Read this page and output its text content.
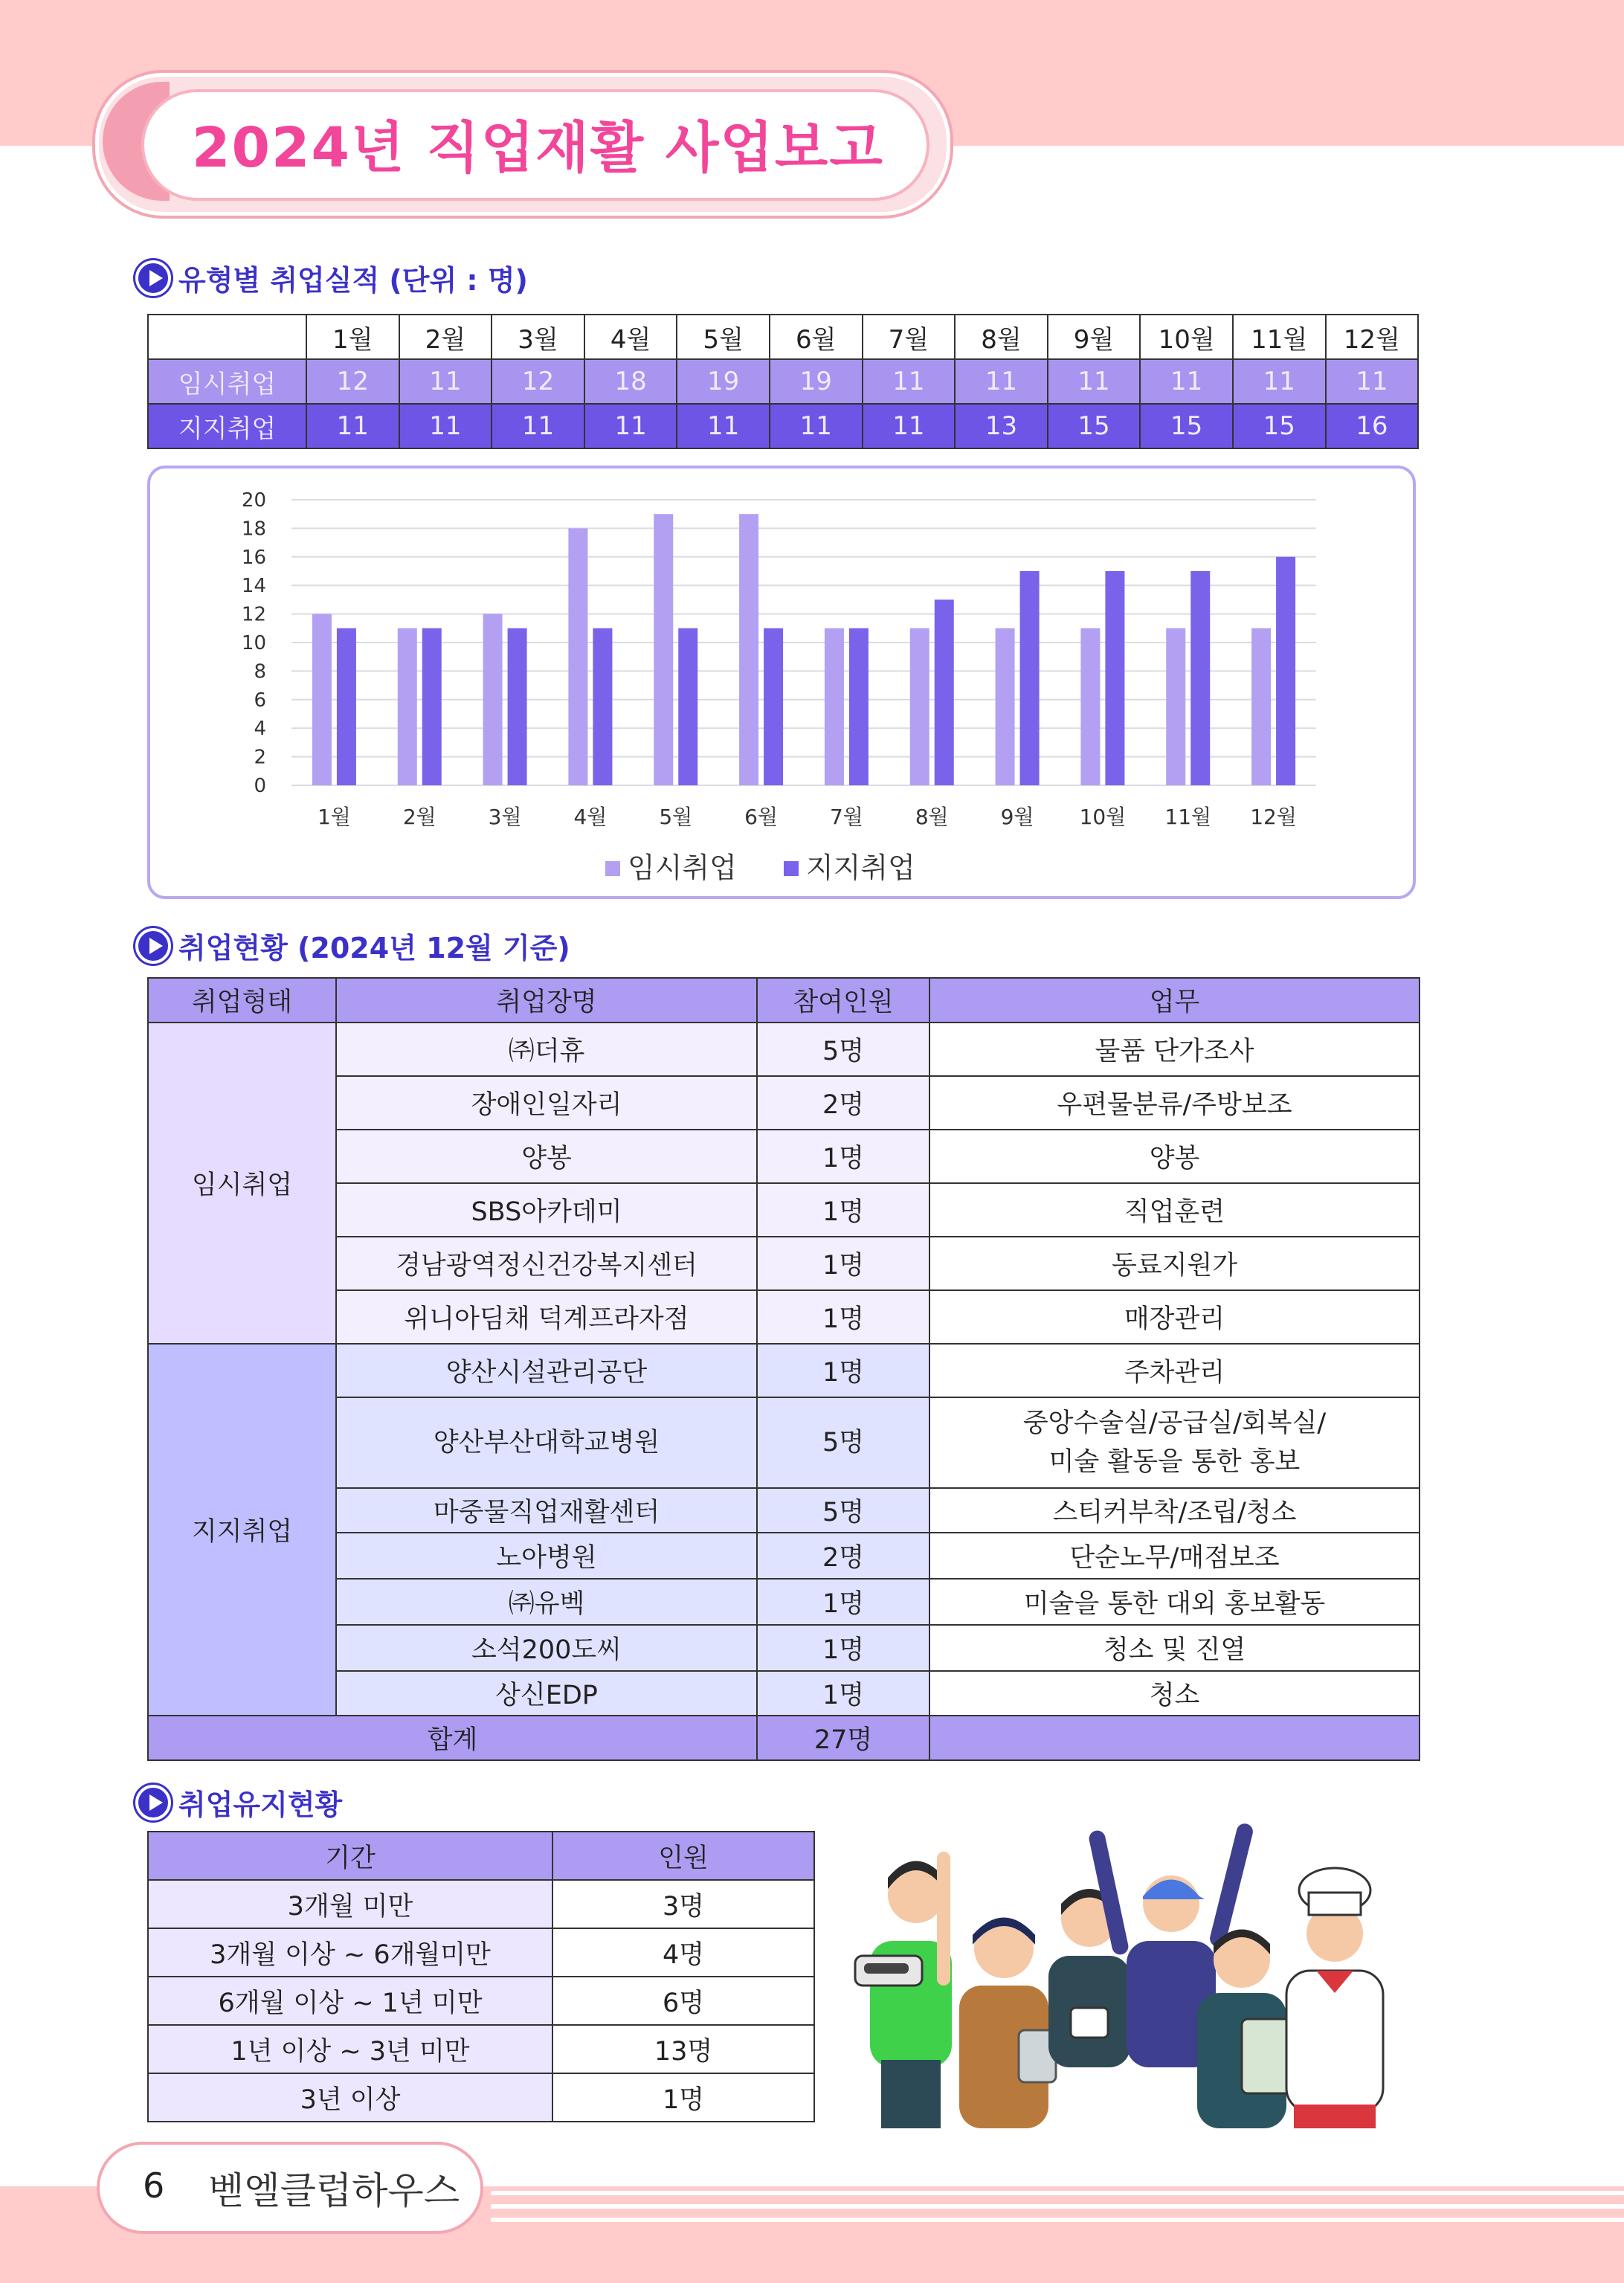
2024년 직업재활 사업보고
유형별 취업실적 (단위 : 명)
	1월	2월	3월	4월	5월	6월	7월	8월	9월	10월	11월	12월
임시취업	12	11	12	18	19	19	11	11	11	11	11	11
지지취업	11	11	11	11	11	11	11	13	15	15	15	16
0
2
4
6
8
10
12
14
16
18
20
1월 2월 3월 4월 5월 6월 7월 8월 9월 10월 11월 12월
임시취업 지지취업
취업현황 (2024년 12월 기준)
취업형태	취업장명	참여인원	업무
임시취업	㈜더휴	5명	물품 단가조사
	장애인일자리	2명	우편물분류/주방보조
	양봉	1명	양봉
	SBS아카데미	1명	직업훈련
	경남광역정신건강복지센터	1명	동료지원가
	위니아딤채 덕계프라자점	1명	매장관리
지지취업	양산시설관리공단	1명	주차관리
	양산부산대학교병원	5명	중앙수술실/공급실/회복실/
미술 활동을 통한 홍보

	마중물직업재활센터	5명	스티커부착/조립/청소
	노아병원	2명	단순노무/매점보조
	㈜유벡	1명	미술을 통한 대외 홍보활동
	소석200도씨	1명	청소 및 진열
	상신EDP	1명	청소
합계		27명	
취업유지현황
기간	인원
3개월 미만	3명
3개월 이상 ~ 6개월미만	4명
6개월 이상 ~ 1년 미만	6명
1년 이상 ~ 3년 미만	13명
3년 이상	1명
6 벧엘클럽하우스
